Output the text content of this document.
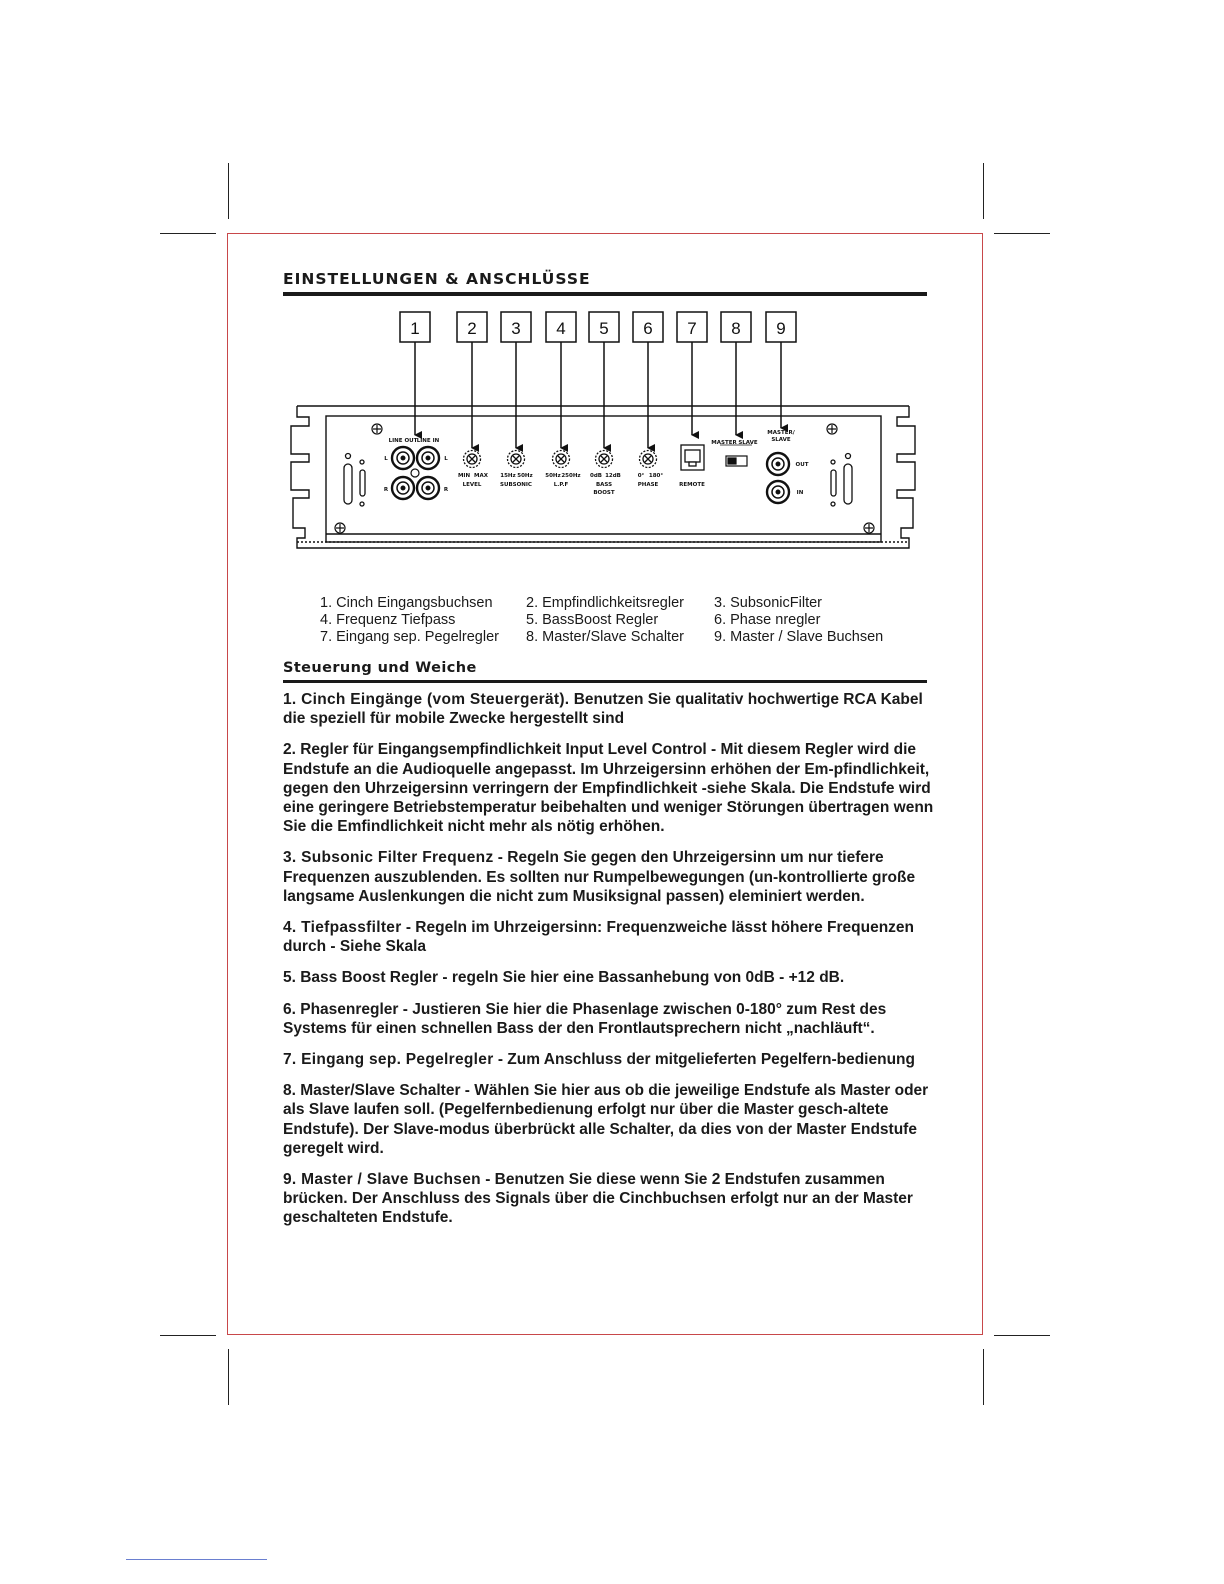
EINSTELLUNGEN & ANSCHLÜSSE
1	2 3 4 5 6 7 8 9
LINE OUT LINE IN
L	L
R	R
MIN MAX
LEVEL
15Hz 50Hz
SUBSONIC
50Hz 250Hz
L.P.F
0dB 12dB
BASS
BOOST
0° 180°
PHASE	REMOTE
MASTER SLAVE
MASTER/
SLAVE
OUT
IN
1. Cinch Eingangsbuchsen	2. Empfindlichkeitsregler	3. SubsonicFilter
4. Frequenz Tiefpass	5. BassBoost Regler	6. Phase nregler
7. Eingang sep. Pegelregler	8. Master/Slave Schalter	9. Master / Slave Buchsen
Steuerung und Weiche

1. Cinch Eingänge (vom Steuergerät). Benutzen Sie qualitativ hochwertige RCA Kabel die speziell für mobile Zwecke hergestellt sind

2. Regler für Eingangsempfindlichkeit Input Level Control - Mit diesem Regler wird die Endstufe an die Audioquelle angepasst. Im Uhrzeigersinn erhöhen der Em-pfindlichkeit, gegen den Uhrzeigersinn verringern der Empfindlichkeit -siehe Skala. Die Endstufe wird eine geringere Betriebstemperatur beibehalten und weniger Störungen übertragen wenn Sie die Emfindlichkeit nicht mehr als nötig erhöhen.

3. Subsonic Filter Frequenz - Regeln Sie gegen den Uhrzeigersinn um nur tiefere Frequenzen auszublenden. Es sollten nur Rumpelbewegungen (un-kontrollierte große langsame Auslenkungen die nicht zum Musiksignal passen) eleminiert werden.

4. Tiefpassfilter - Regeln im Uhrzeigersinn: Frequenzweiche lässt höhere Frequenzen durch - Siehe Skala

5. Bass Boost Regler - regeln Sie hier eine Bassanhebung von 0dB - +12 dB.

6. Phasenregler - Justieren Sie hier die Phasenlage zwischen 0-180° zum Rest des Systems für einen schnellen Bass der den Frontlautsprechern nicht „nachläuft“.

7. Eingang sep. Pegelregler - Zum Anschluss der mitgelieferten Pegelfern-bedienung

8. Master/Slave Schalter - Wählen Sie hier aus ob die jeweilige Endstufe als Master oder als Slave laufen soll. (Pegelfernbedienung erfolgt nur über die Master gesch-altete Endstufe). Der Slave-modus überbrückt alle Schalter, da dies von der Master Endstufe geregelt wird.

9. Master / Slave Buchsen - Benutzen Sie diese wenn Sie 2 Endstufen zusammen brücken. Der Anschluss des Signals über die Cinchbuchsen erfolgt nur an der Master geschalteten Endstufe.
